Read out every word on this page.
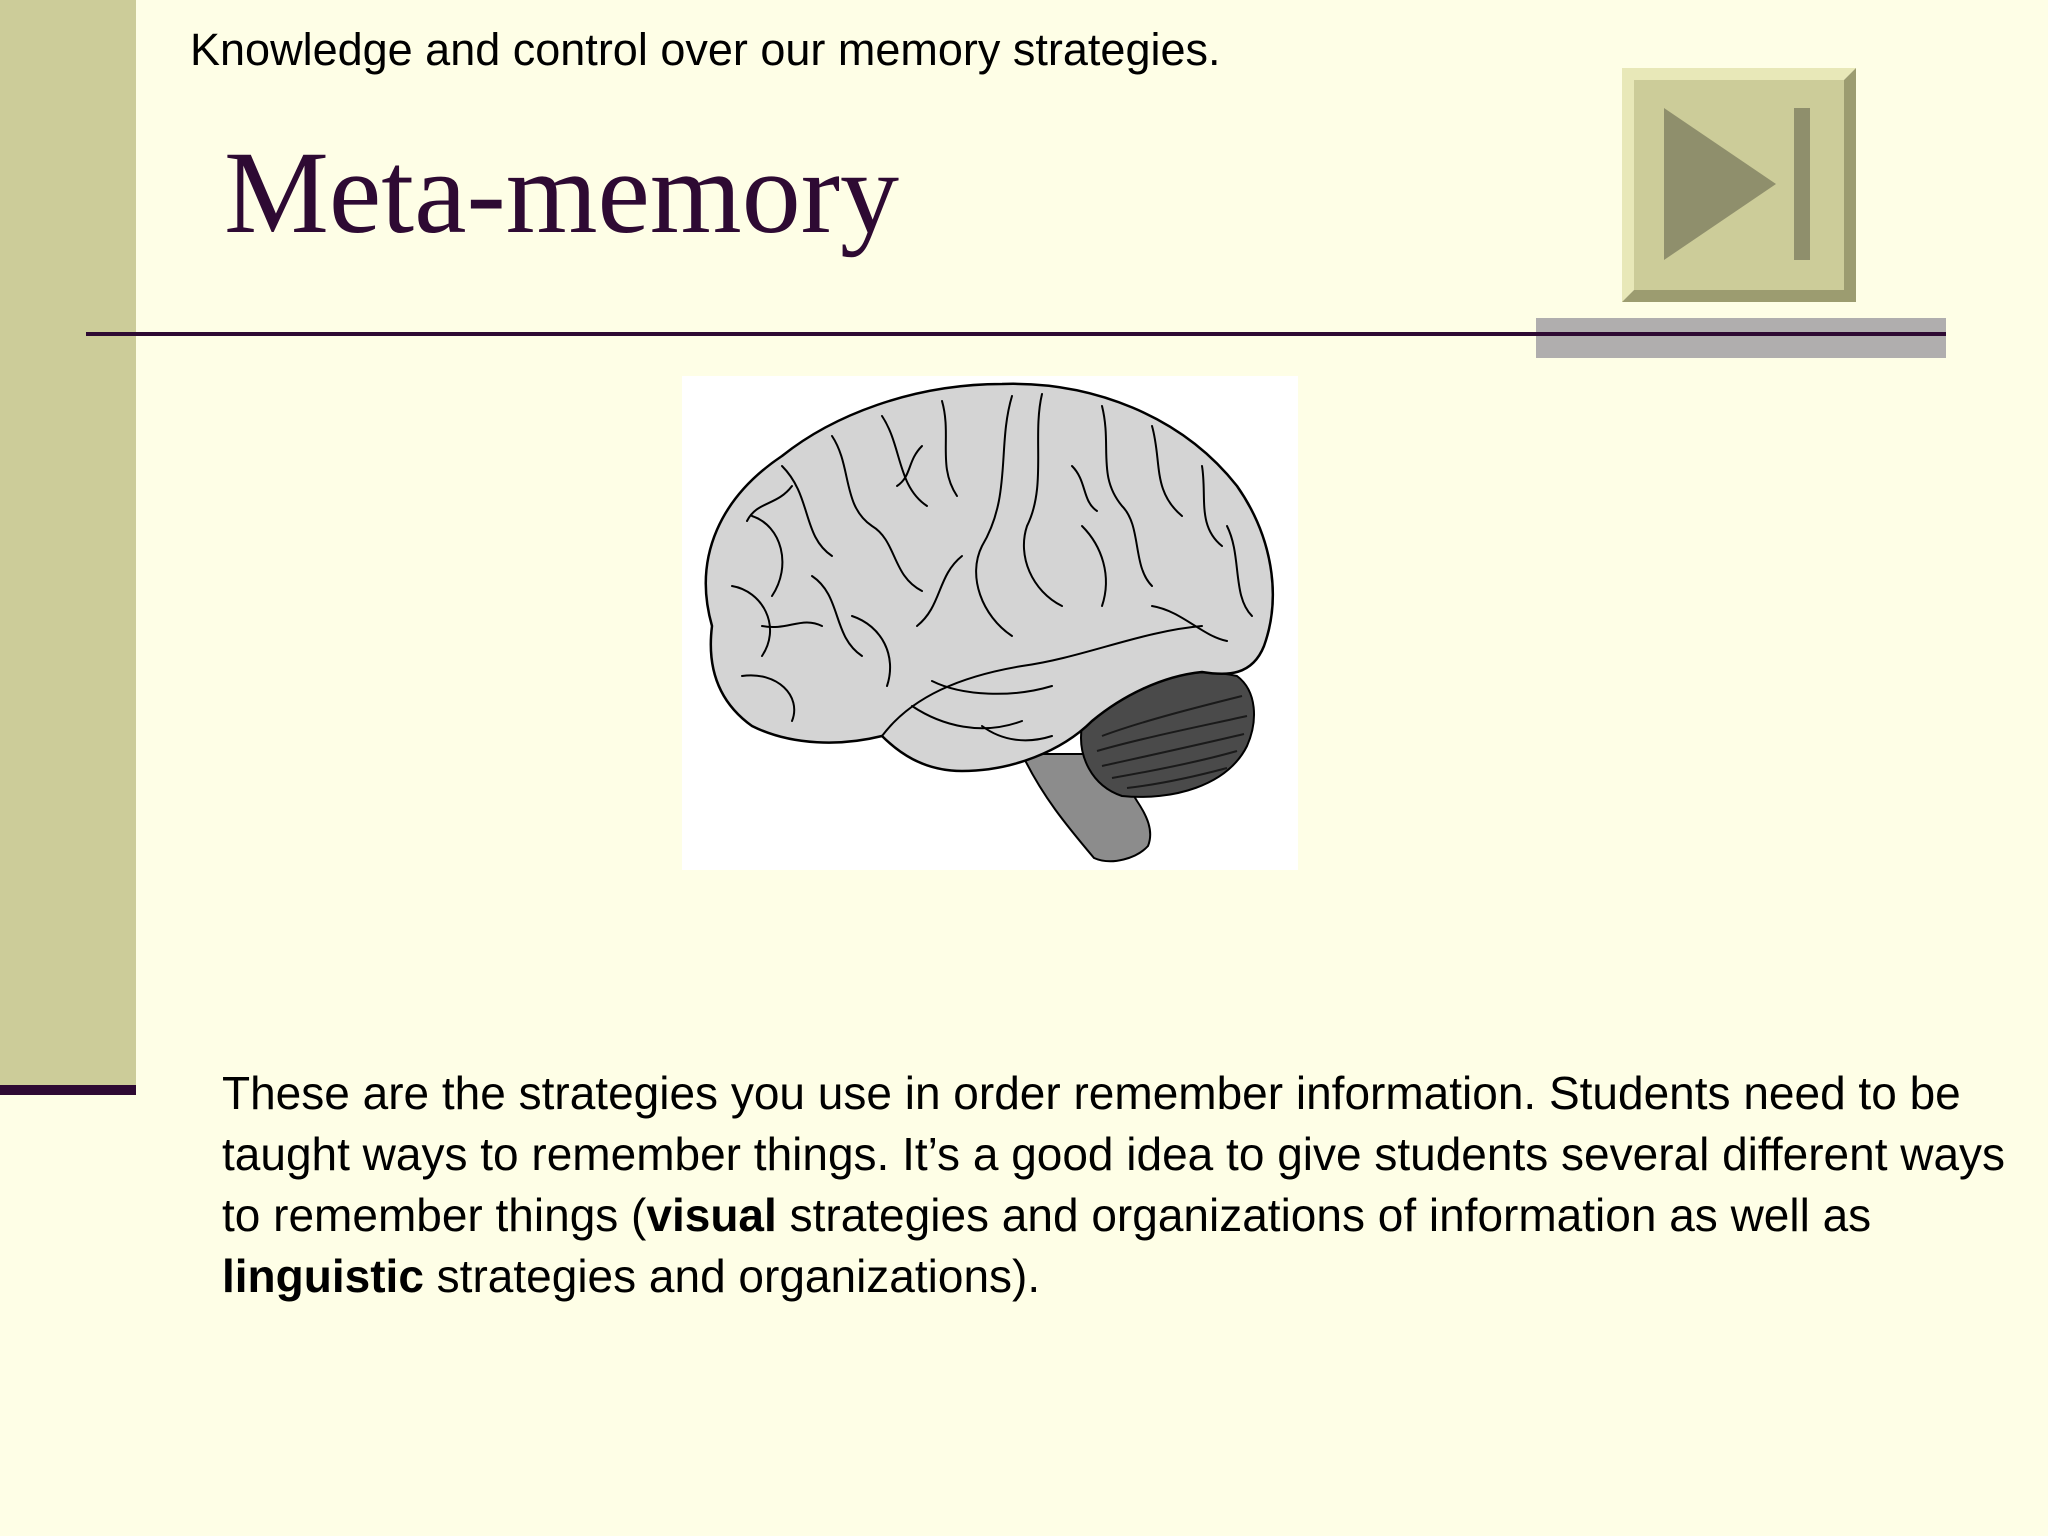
Knowledge and control over our memory strategies.
Meta-memory
These are the strategies you use in order remember information. Students need to be taught ways to remember things. It’s a good idea to give students several different ways to remember things (visual strategies and organizations of information as well as linguistic strategies and organizations).
